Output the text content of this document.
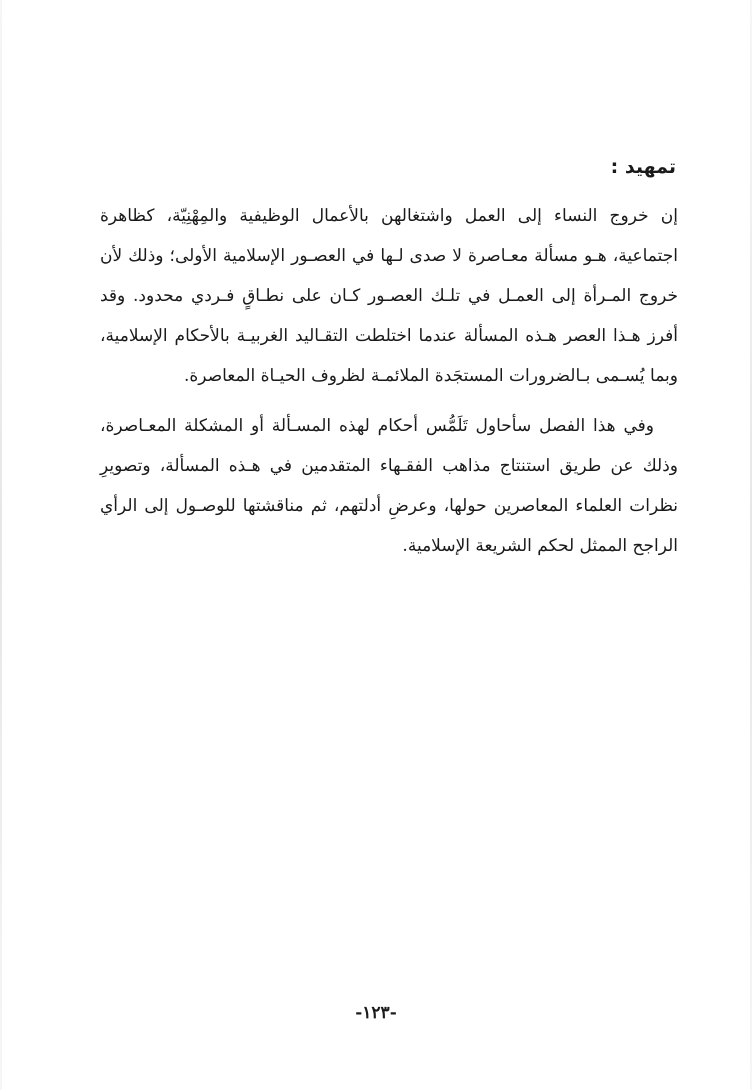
تمهيد :

إن خروج النساء إلى العمل واشتغالهن بالأعمال الوظيفية والمِهْنِيّة، كظاهرة اجتماعية، هـو مسألة معـاصرة لا صدى لـها في العصـور الإسلامية الأولى؛ وذلك لأن خروج المـرأة إلى العمـل في تلـك العصـور كـان على نطـاقٍ فـردي محدود. وقد أفرز هـذا العصر هـذه المسألة عندما اختلطت التقـاليد الغربيـة بالأحكام الإسلامية، وبما يُسـمى بـالضرورات المستجَدة الملائمـة لظروف الحيـاة المعاصرة.

وفي هذا الفصل سأحاول تَلَمُّس أحكام لهذه المسـألة أو المشكلة المعـاصرة، وذلك عن طريق استنتاج مذاهب الفقـهاء المتقدمين في هـذه المسألة، وتصويرِ نظرات العلماء المعاصرين حولها، وعرضِ أدلتهم، ثم مناقشتها للوصـول إلى الرأي الراجح الممثل لحكم الشريعة الإسلامية.

-١٢٣-
